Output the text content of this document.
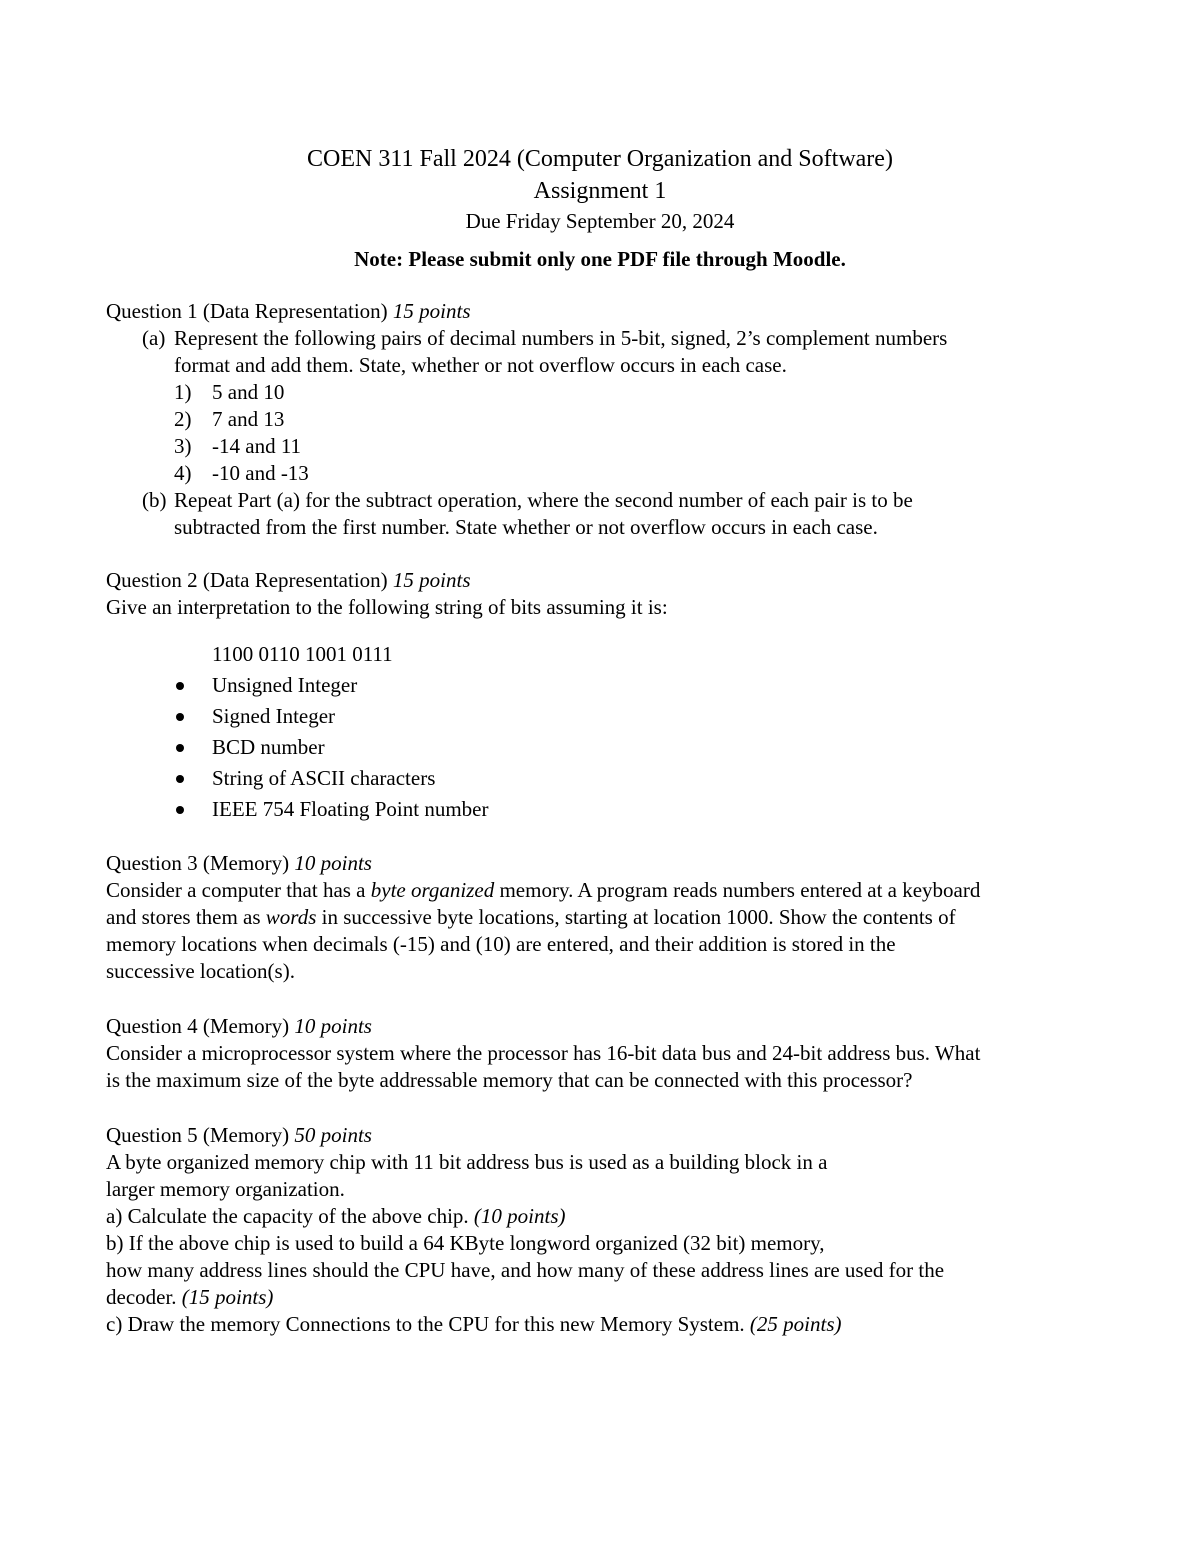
COEN 311 Fall 2024 (Computer Organization and Software)
Assignment 1
Due Friday September 20, 2024
Note: Please submit only one PDF file through Moodle.
Question 1 (Data Representation) 15 points
(a) Represent the following pairs of decimal numbers in 5-bit, signed, 2’s complement numbers
format and add them. State, whether or not overflow occurs in each case.
1) 5 and 10
2) 7 and 13
3) -14 and 11
4) -10 and -13
(b) Repeat Part (a) for the subtract operation, where the second number of each pair is to be
subtracted from the first number. State whether or not overflow occurs in each case.
Question 2 (Data Representation) 15 points
Give an interpretation to the following string of bits assuming it is:
1100 0110 1001 0111
Unsigned Integer
Signed Integer
BCD number
String of ASCII characters
IEEE 754 Floating Point number
Question 3 (Memory) 10 points
Consider a computer that has a byte organized memory. A program reads numbers entered at a keyboard
and stores them as words in successive byte locations, starting at location 1000. Show the contents of
memory locations when decimals (-15) and (10) are entered, and their addition is stored in the
successive location(s).
Question 4 (Memory) 10 points
Consider a microprocessor system where the processor has 16-bit data bus and 24-bit address bus. What
is the maximum size of the byte addressable memory that can be connected with this processor?
Question 5 (Memory) 50 points
A byte organized memory chip with 11 bit address bus is used as a building block in a
larger memory organization.
a) Calculate the capacity of the above chip. (10 points)
b) If the above chip is used to build a 64 KByte longword organized (32 bit) memory,
how many address lines should the CPU have, and how many of these address lines are used for the
decoder. (15 points)
c) Draw the memory Connections to the CPU for this new Memory System. (25 points)
